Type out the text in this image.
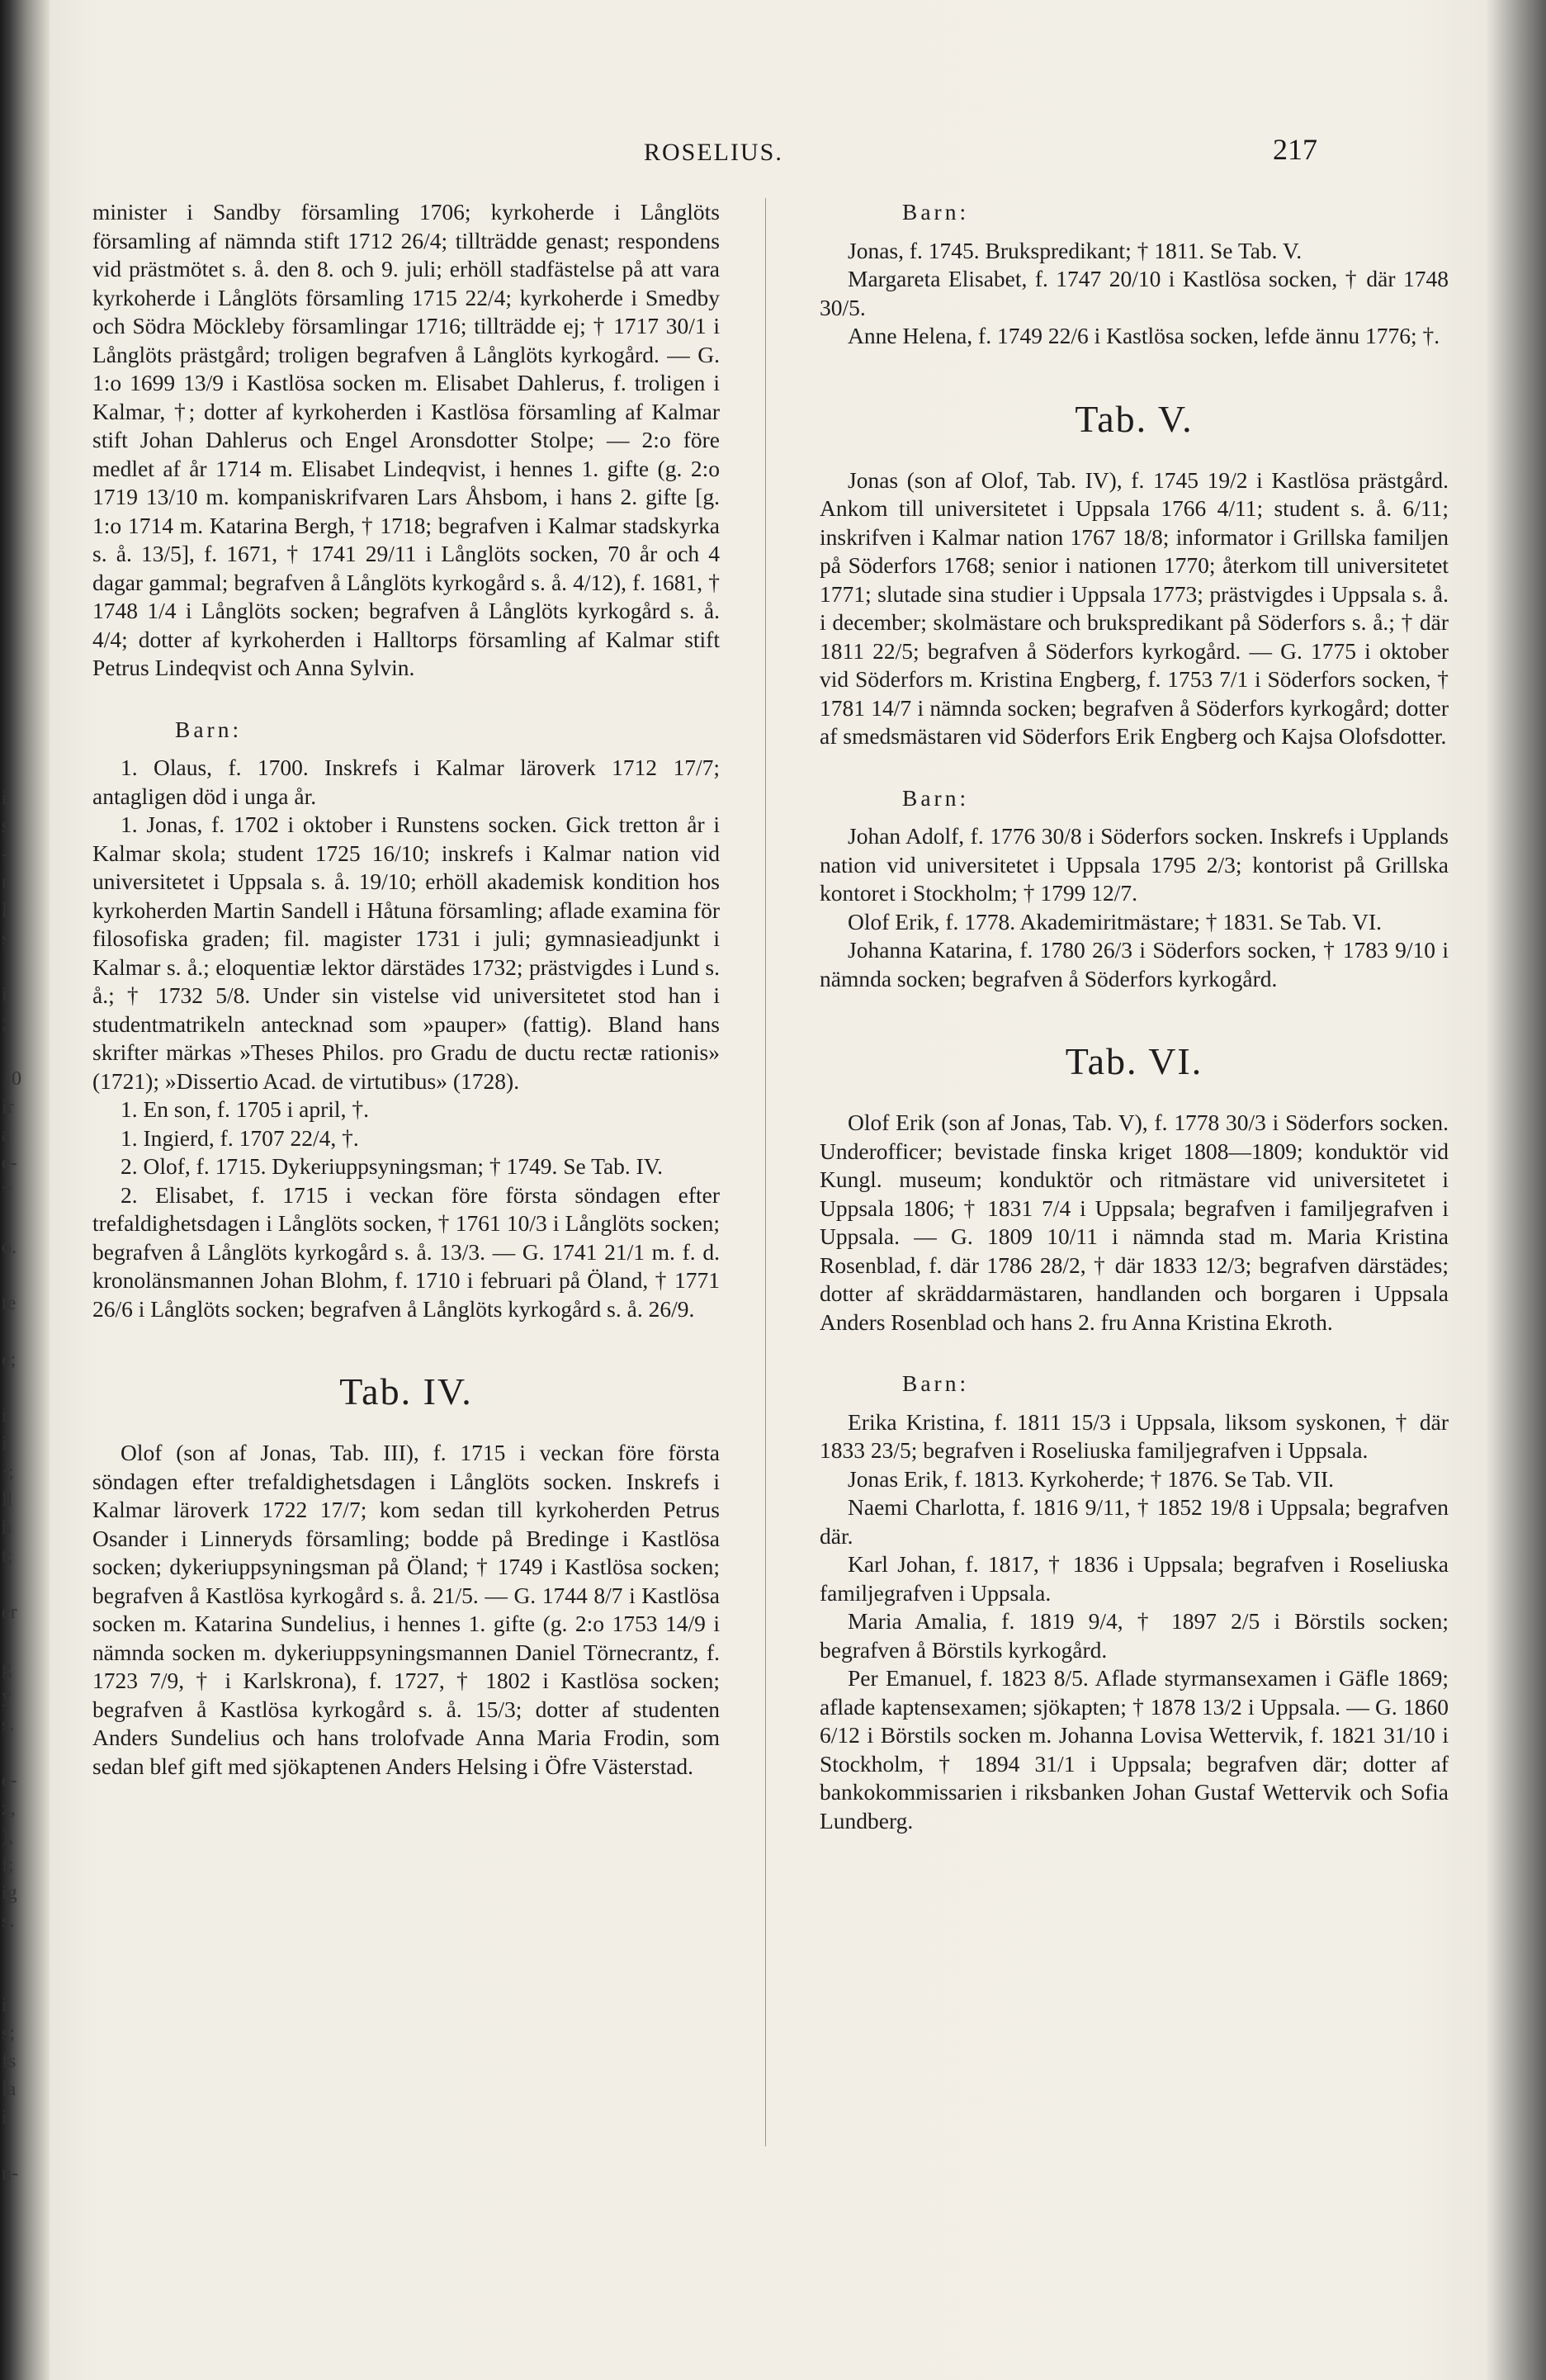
i
s
-
r
l
s
i
;
10
ir
a
e-
†
o.
te
e;
i
i
·;
ll
h
t;
er
g
y
s.
e-
z,
),
f;
ig
s.
i
s;
fs
la
i
n-
ROSELIUS.	217
minister i Sandby församling 1706; kyrkoherde i Långlöts församling af nämnda stift 1712 26/4; tillträdde genast; respondens vid prästmötet s. å. den 8. och 9. juli; erhöll stadfästelse på att vara kyrkoherde i Långlöts församling 1715 22/4; kyrkoherde i Smedby och Södra Möckleby församlingar 1716; tillträdde ej; † 1717 30/1 i Långlöts prästgård; troligen begrafven å Långlöts kyrkogård. — G. 1:o 1699 13/9 i Kastlösa socken m. Elisabet Dahlerus, f. troligen i Kalmar, †; dotter af kyrkoherden i Kastlösa församling af Kalmar stift Johan Dahlerus och Engel Aronsdotter Stolpe; — 2:o före medlet af år 1714 m. Elisabet Lindeqvist, i hennes 1. gifte (g. 2:o 1719 13/10 m. kompaniskrifvaren Lars Åhsbom, i hans 2. gifte [g. 1:o 1714 m. Katarina Bergh, † 1718; begrafven i Kalmar stadskyrka s. å. 13/5], f. 1671, † 1741 29/11 i Långlöts socken, 70 år och 4 dagar gammal; begrafven å Långlöts kyrkogård s. å. 4/12), f. 1681, † 1748 1/4 i Långlöts socken; begrafven å Långlöts kyrkogård s. å. 4/4; dotter af kyrkoherden i Halltorps församling af Kalmar stift Petrus Lindeqvist och Anna Sylvin.
Barn:
1. Olaus, f. 1700. Inskrefs i Kalmar läroverk 1712 17/7; antagligen död i unga år.
1. Jonas, f. 1702 i oktober i Runstens socken. Gick tretton år i Kalmar skola; student 1725 16/10; inskrefs i Kalmar nation vid universitetet i Uppsala s. å. 19/10; erhöll akademisk kondition hos kyrkoherden Martin Sandell i Håtuna församling; aflade examina för filosofiska graden; fil. magister 1731 i juli; gymnasieadjunkt i Kalmar s. å.; eloquentiæ lektor därstädes 1732; prästvigdes i Lund s. å.; † 1732 5/8. Under sin vistelse vid universitetet stod han i studentmatrikeln antecknad som »pauper» (fattig). Bland hans skrifter märkas »Theses Philos. pro Gradu de ductu rectæ rationis» (1721); »Dissertio Acad. de virtutibus» (1728).
1. En son, f. 1705 i april, †.
1. Ingierd, f. 1707 22/4, †.
2. Olof, f. 1715. Dykeriuppsyningsman; † 1749. Se Tab. IV.
2. Elisabet, f. 1715 i veckan före första söndagen efter trefaldighetsdagen i Långlöts socken, † 1761 10/3 i Långlöts socken; begrafven å Långlöts kyrkogård s. å. 13/3. — G. 1741 21/1 m. f. d. kronolänsmannen Johan Blohm, f. 1710 i februari på Öland, † 1771 26/6 i Långlöts socken; begrafven å Långlöts kyrkogård s. å. 26/9.
Tab. IV.
Olof (son af Jonas, Tab. III), f. 1715 i veckan före första söndagen efter trefaldighetsdagen i Långlöts socken. Inskrefs i Kalmar läroverk 1722 17/7; kom sedan till kyrkoherden Petrus Osander i Linneryds församling; bodde på Bredinge i Kastlösa socken; dykeriuppsyningsman på Öland; † 1749 i Kastlösa socken; begrafven å Kastlösa kyrkogård s. å. 21/5. — G. 1744 8/7 i Kastlösa socken m. Katarina Sundelius, i hennes 1. gifte (g. 2:o 1753 14/9 i nämnda socken m. dykeriuppsyningsmannen Daniel Törnecrantz, f. 1723 7/9, † i Karlskrona), f. 1727, † 1802 i Kastlösa socken; begrafven å Kastlösa kyrkogård s. å. 15/3; dotter af studenten Anders Sundelius och hans trolofvade Anna Maria Frodin, som sedan blef gift med sjökaptenen Anders Helsing i Öfre Västerstad.
Barn:
Jonas, f. 1745. Brukspredikant; † 1811. Se Tab. V.
Margareta Elisabet, f. 1747 20/10 i Kastlösa socken, † där 1748 30/5.
Anne Helena, f. 1749 22/6 i Kastlösa socken, lefde ännu 1776; †.
Tab. V.
Jonas (son af Olof, Tab. IV), f. 1745 19/2 i Kastlösa prästgård. Ankom till universitetet i Uppsala 1766 4/11; student s. å. 6/11; inskrifven i Kalmar nation 1767 18/8; informator i Grillska familjen på Söderfors 1768; senior i nationen 1770; återkom till universitetet 1771; slutade sina studier i Uppsala 1773; prästvigdes i Uppsala s. å. i december; skolmästare och brukspredikant på Söderfors s. å.; † där 1811 22/5; begrafven å Söderfors kyrkogård. — G. 1775 i oktober vid Söderfors m. Kristina Engberg, f. 1753 7/1 i Söderfors socken, † 1781 14/7 i nämnda socken; begrafven å Söderfors kyrkogård; dotter af smedsmästaren vid Söderfors Erik Engberg och Kajsa Olofsdotter.
Barn:
Johan Adolf, f. 1776 30/8 i Söderfors socken. Inskrefs i Upplands nation vid universitetet i Uppsala 1795 2/3; kontorist på Grillska kontoret i Stockholm; † 1799 12/7.
Olof Erik, f. 1778. Akademiritmästare; † 1831. Se Tab. VI.
Johanna Katarina, f. 1780 26/3 i Söderfors socken, † 1783 9/10 i nämnda socken; begrafven å Söderfors kyrkogård.
Tab. VI.
Olof Erik (son af Jonas, Tab. V), f. 1778 30/3 i Söderfors socken. Underofficer; bevistade finska kriget 1808—1809; konduktör vid Kungl. museum; konduktör och ritmästare vid universitetet i Uppsala 1806; † 1831 7/4 i Uppsala; begrafven i familjegrafven i Uppsala. — G. 1809 10/11 i nämnda stad m. Maria Kristina Rosenblad, f. där 1786 28/2, † där 1833 12/3; begrafven därstädes; dotter af skräddarmästaren, handlanden och borgaren i Uppsala Anders Rosenblad och hans 2. fru Anna Kristina Ekroth.
Barn:
Erika Kristina, f. 1811 15/3 i Uppsala, liksom syskonen, † där 1833 23/5; begrafven i Roseliuska familjegrafven i Uppsala.
Jonas Erik, f. 1813. Kyrkoherde; † 1876. Se Tab. VII.
Naemi Charlotta, f. 1816 9/11, † 1852 19/8 i Uppsala; begrafven där.
Karl Johan, f. 1817, † 1836 i Uppsala; begrafven i Roseliuska familjegrafven i Uppsala.
Maria Amalia, f. 1819 9/4, † 1897 2/5 i Börstils socken; begrafven å Börstils kyrkogård.
Per Emanuel, f. 1823 8/5. Aflade styrmansexamen i Gäfle 1869; aflade kaptensexamen; sjökapten; † 1878 13/2 i Uppsala. — G. 1860 6/12 i Börstils socken m. Johanna Lovisa Wettervik, f. 1821 31/10 i Stockholm, † 1894 31/1 i Uppsala; begrafven där; dotter af bankokommissarien i riksbanken Johan Gustaf Wettervik och Sofia Lundberg.
